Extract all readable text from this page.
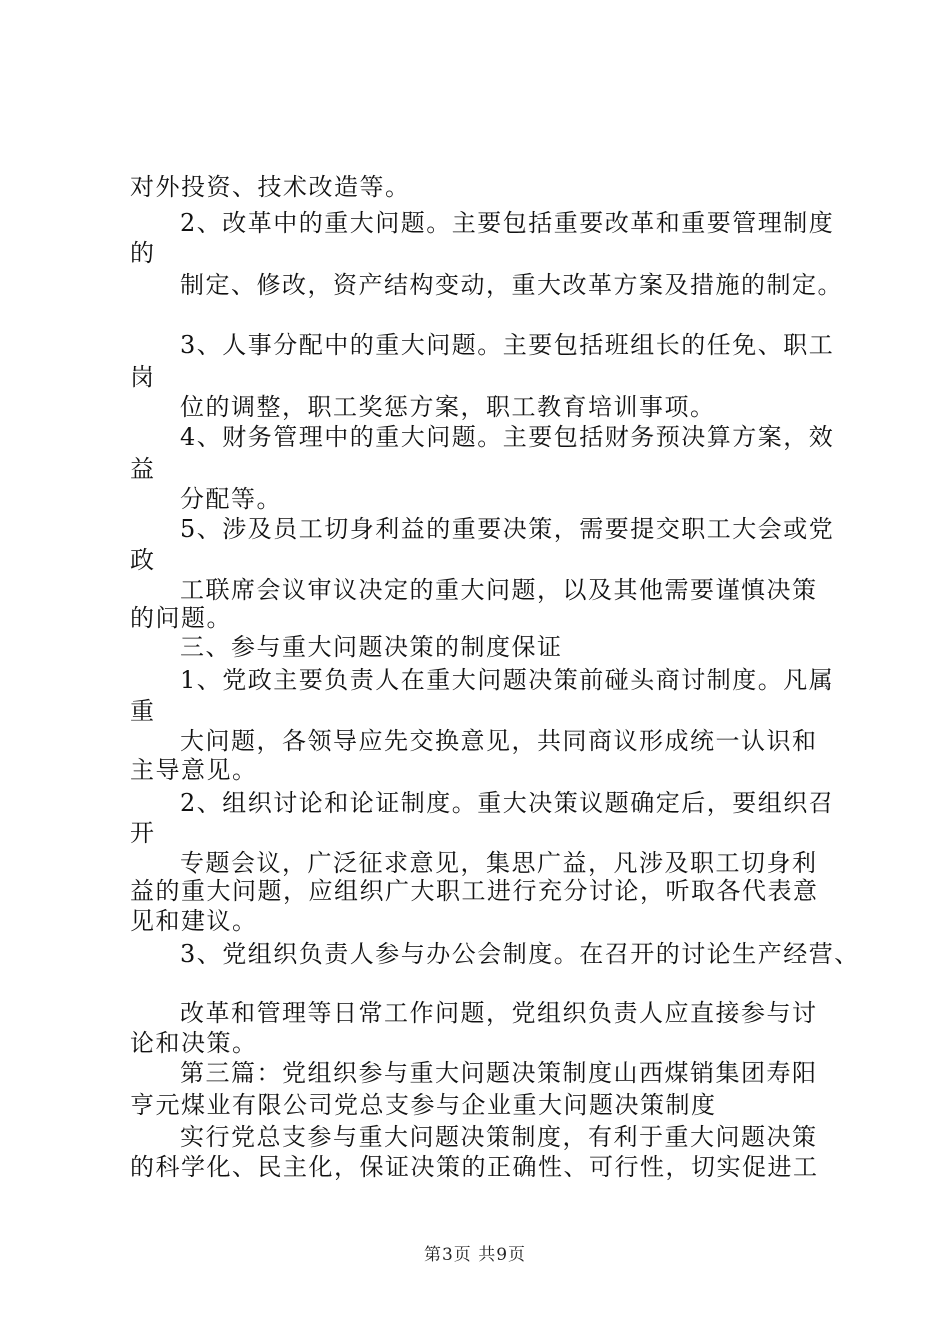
对外投资、技术改造等。
2、改革中的重大问题。主要包括重要改革和重要管理制度
的
制定、修改，资产结构变动，重大改革方案及措施的制定。
3、人事分配中的重大问题。主要包括班组长的任免、职工
岗
位的调整，职工奖惩方案，职工教育培训事项。
4、财务管理中的重大问题。主要包括财务预决算方案，效
益
分配等。
5、涉及员工切身利益的重要决策，需要提交职工大会或党
政
工联席会议审议决定的重大问题，以及其他需要谨慎决策
的问题。
三、参与重大问题决策的制度保证
1、党政主要负责人在重大问题决策前碰头商讨制度。凡属
重
大问题，各领导应先交换意见，共同商议形成统一认识和
主导意见。
2、组织讨论和论证制度。重大决策议题确定后，要组织召
开
专题会议，广泛征求意见，集思广益，凡涉及职工切身利
益的重大问题，应组织广大职工进行充分讨论，听取各代表意
见和建议。
3、党组织负责人参与办公会制度。在召开的讨论生产经营、
改革和管理等日常工作问题，党组织负责人应直接参与讨
论和决策。
第三篇：党组织参与重大问题决策制度山西煤销集团寿阳
亨元煤业有限公司党总支参与企业重大问题决策制度
实行党总支参与重大问题决策制度，有利于重大问题决策
的科学化、民主化，保证决策的正确性、可行性，切实促进工
第3页 共9页
